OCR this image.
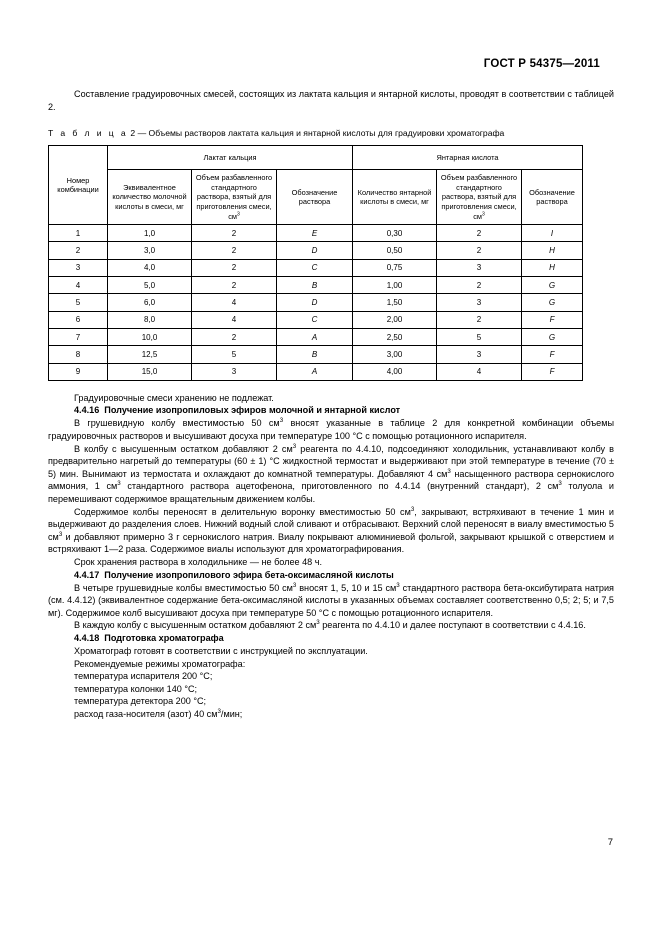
ГОСТ Р 54375—2011

Составление градуировочных смесей, состоящих из лактата кальция и янтарной кислоты, проводят в соответствии с таблицей 2.

Т а б л и ц а 2 — Объемы растворов лактата кальция и янтарной кислоты для градуировки хроматографа

Номер комбинации	Лактат кальция			Янтарная кислота		
	Эквивалентное количество молочной кислоты в смеси, мг	Объем разбавленного стандартного раствора, взятый для приготовления смеси, $см^3$	Обозначение раствора	Количество янтарной кислоты в смеси, мг	Объем разбавленного стандартного раствора, взятый для приготовления смеси, $см^3$	Обозначение раствора
1	1,0	2	E	0,30	2	I
2	3,0	2	D	0,50	2	H
3	4,0	2	C	0,75	3	H
4	5,0	2	B	1,00	2	G
5	6,0	4	D	1,50	3	G
6	8,0	4	C	2,00	2	F
7	10,0	2	A	2,50	5	G
8	12,5	5	B	3,00	3	F
9	15,0	3	A	4,00	4	F

Градуировочные смеси хранению не подлежат.

4.4.16 Получение изопропиловых эфиров молочной и янтарной кислот

В грушевидную колбу вместимостью 50 $см^3$ вносят указанные в таблице 2 для конкретной комбинации объемы градуировочных растворов и высушивают досуха при температуре 100 °С с помощью ротационного испарителя.

В колбу с высушенным остатком добавляют 2 $см^3$ реагента по 4.4.10, подсоединяют холодильник, устанавливают колбу в предварительно нагретый до температуры (60 ± 1) °С жидкостной термостат и выдерживают при этой температуре в течение (70 ± 5) мин. Вынимают из термостата и охлаждают до комнатной температуры. Добавляют 4 $см^3$ насыщенного раствора сернокислого аммония, 1 $см^3$ стандартного раствора ацетофенона, приготовленного по 4.4.14 (внутренний стандарт), 2 $см^3$ толуола и перемешивают содержимое вращательным движением колбы.

Содержимое колбы переносят в делительную воронку вместимостью 50 $см^3$, закрывают, встряхивают в течение 1 мин и выдерживают до разделения слоев. Нижний водный слой сливают и отбрасывают. Верхний слой переносят в виалу вместимостью 5 $см^3$ и добавляют примерно 3 г сернокислого натрия. Виалу покрывают алюминиевой фольгой, закрывают крышкой с отверстием и встряхивают 1—2 раза. Содержимое виалы используют для хроматографирования.

Срок хранения раствора в холодильнике — не более 48 ч.

4.4.17 Получение изопропилового эфира бета-оксимасляной кислоты

В четыре грушевидные колбы вместимостью 50 $см^3$ вносят 1, 5, 10 и 15 $см^3$ стандартного раствора бета-оксибутирата натрия (см. 4.4.12) (эквивалентное содержание бета-оксимасляной кислоты в указанных объемах составляет соответственно 0,5; 2; 5; и 7,5 мг). Содержимое колб высушивают досуха при температуре 50 °С с помощью ротационного испарителя.

В каждую колбу с высушенным остатком добавляют 2 $см^3$ реагента по 4.4.10 и далее поступают в соответствии с 4.4.16.

4.4.18 Подготовка хроматографа

Хроматограф готовят в соответствии с инструкцией по эксплуатации.

Рекомендуемые режимы хроматографа:

температура испарителя 200 °С;

температура колонки 140 °С;

температура детектора 200 °С;

расход газа-носителя (азот) 40 $см^3$/мин;

7
